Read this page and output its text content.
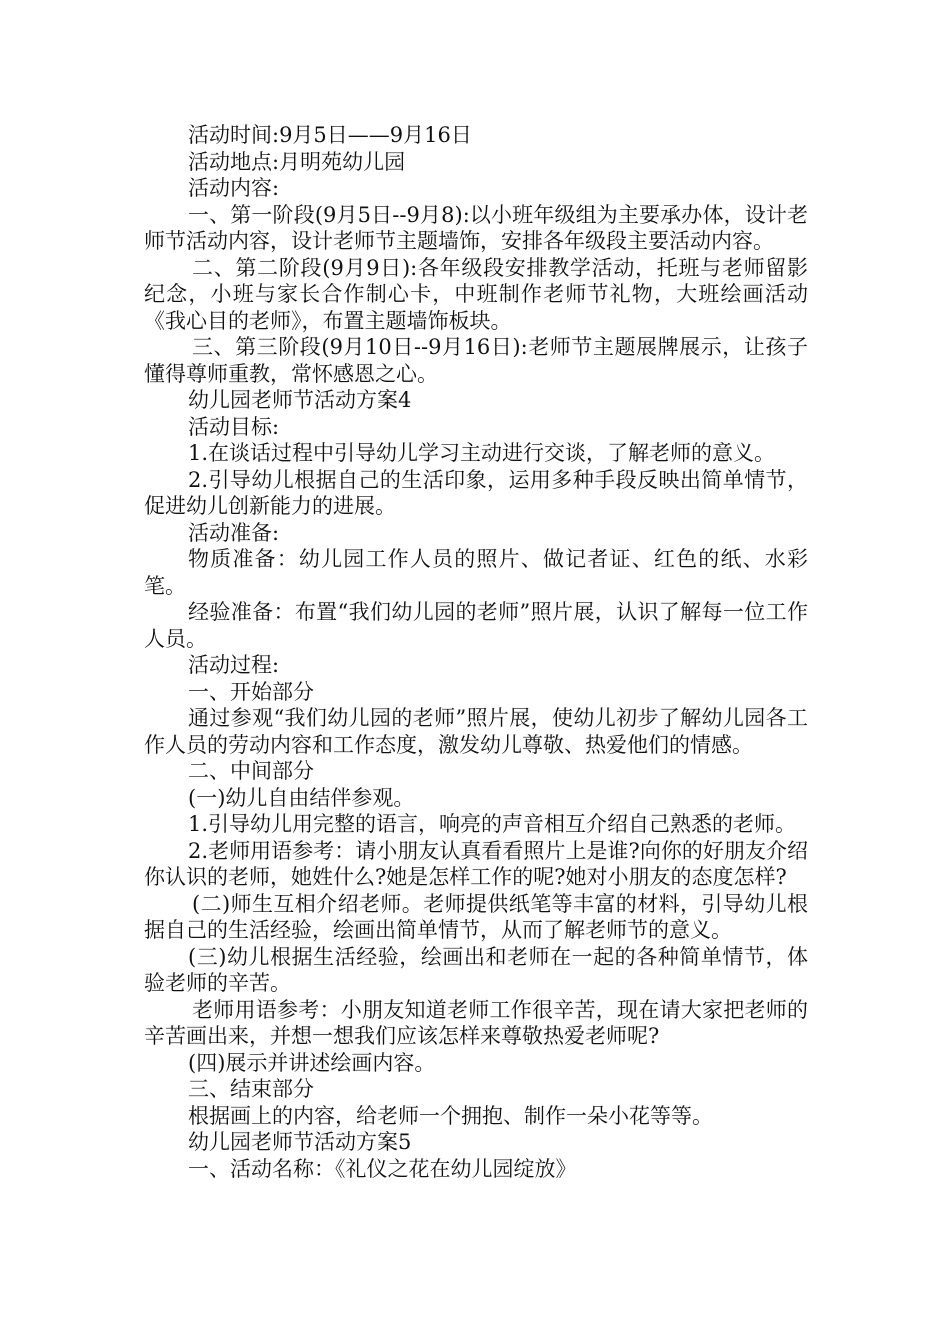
活动时间:9月5日——9月16日

活动地点:月明苑幼儿园

活动内容:

一、第一阶段(9月5日--9月8):以小班年级组为主要承办体，设计老师节活动内容，设计老师节主题墙饰，安排各年级段主要活动内容。

二、第二阶段(9月9日):各年级段安排教学活动，托班与老师留影纪念，小班与家长合作制心卡，中班制作老师节礼物，大班绘画活动《我心目的老师》，布置主题墙饰板块。

三、第三阶段(9月10日--9月16日):老师节主题展牌展示，让孩子懂得尊师重教，常怀感恩之心。

幼儿园老师节活动方案4

活动目标:

1.在谈话过程中引导幼儿学习主动进行交谈，了解老师的意义。

2.引导幼儿根据自己的生活印象，运用多种手段反映出简单情节，促进幼儿创新能力的进展。

活动准备:

物质准备：幼儿园工作人员的照片、做记者证、红色的纸、水彩笔。

经验准备：布置“我们幼儿园的老师”照片展，认识了解每一位工作人员。

活动过程:

一、开始部分

通过参观“我们幼儿园的老师”照片展，使幼儿初步了解幼儿园各工作人员的劳动内容和工作态度，激发幼儿尊敬、热爱他们的情感。

二、中间部分

(一)幼儿自由结伴参观。

1.引导幼儿用完整的语言，响亮的声音相互介绍自己熟悉的老师。

2.老师用语参考：请小朋友认真看看照片上是谁?向你的好朋友介绍你认识的老师，她姓什么?她是怎样工作的呢?她对小朋友的态度怎样?

(二)师生互相介绍老师。老师提供纸笔等丰富的材料，引导幼儿根据自己的生活经验，绘画出简单情节，从而了解老师节的意义。

(三)幼儿根据生活经验，绘画出和老师在一起的各种简单情节，体验老师的辛苦。

老师用语参考：小朋友知道老师工作很辛苦，现在请大家把老师的辛苦画出来，并想一想我们应该怎样来尊敬热爱老师呢?

(四)展示并讲述绘画内容。

三、结束部分

根据画上的内容，给老师一个拥抱、制作一朵小花等等。

幼儿园老师节活动方案5

一、活动名称：《礼仪之花在幼儿园绽放》
